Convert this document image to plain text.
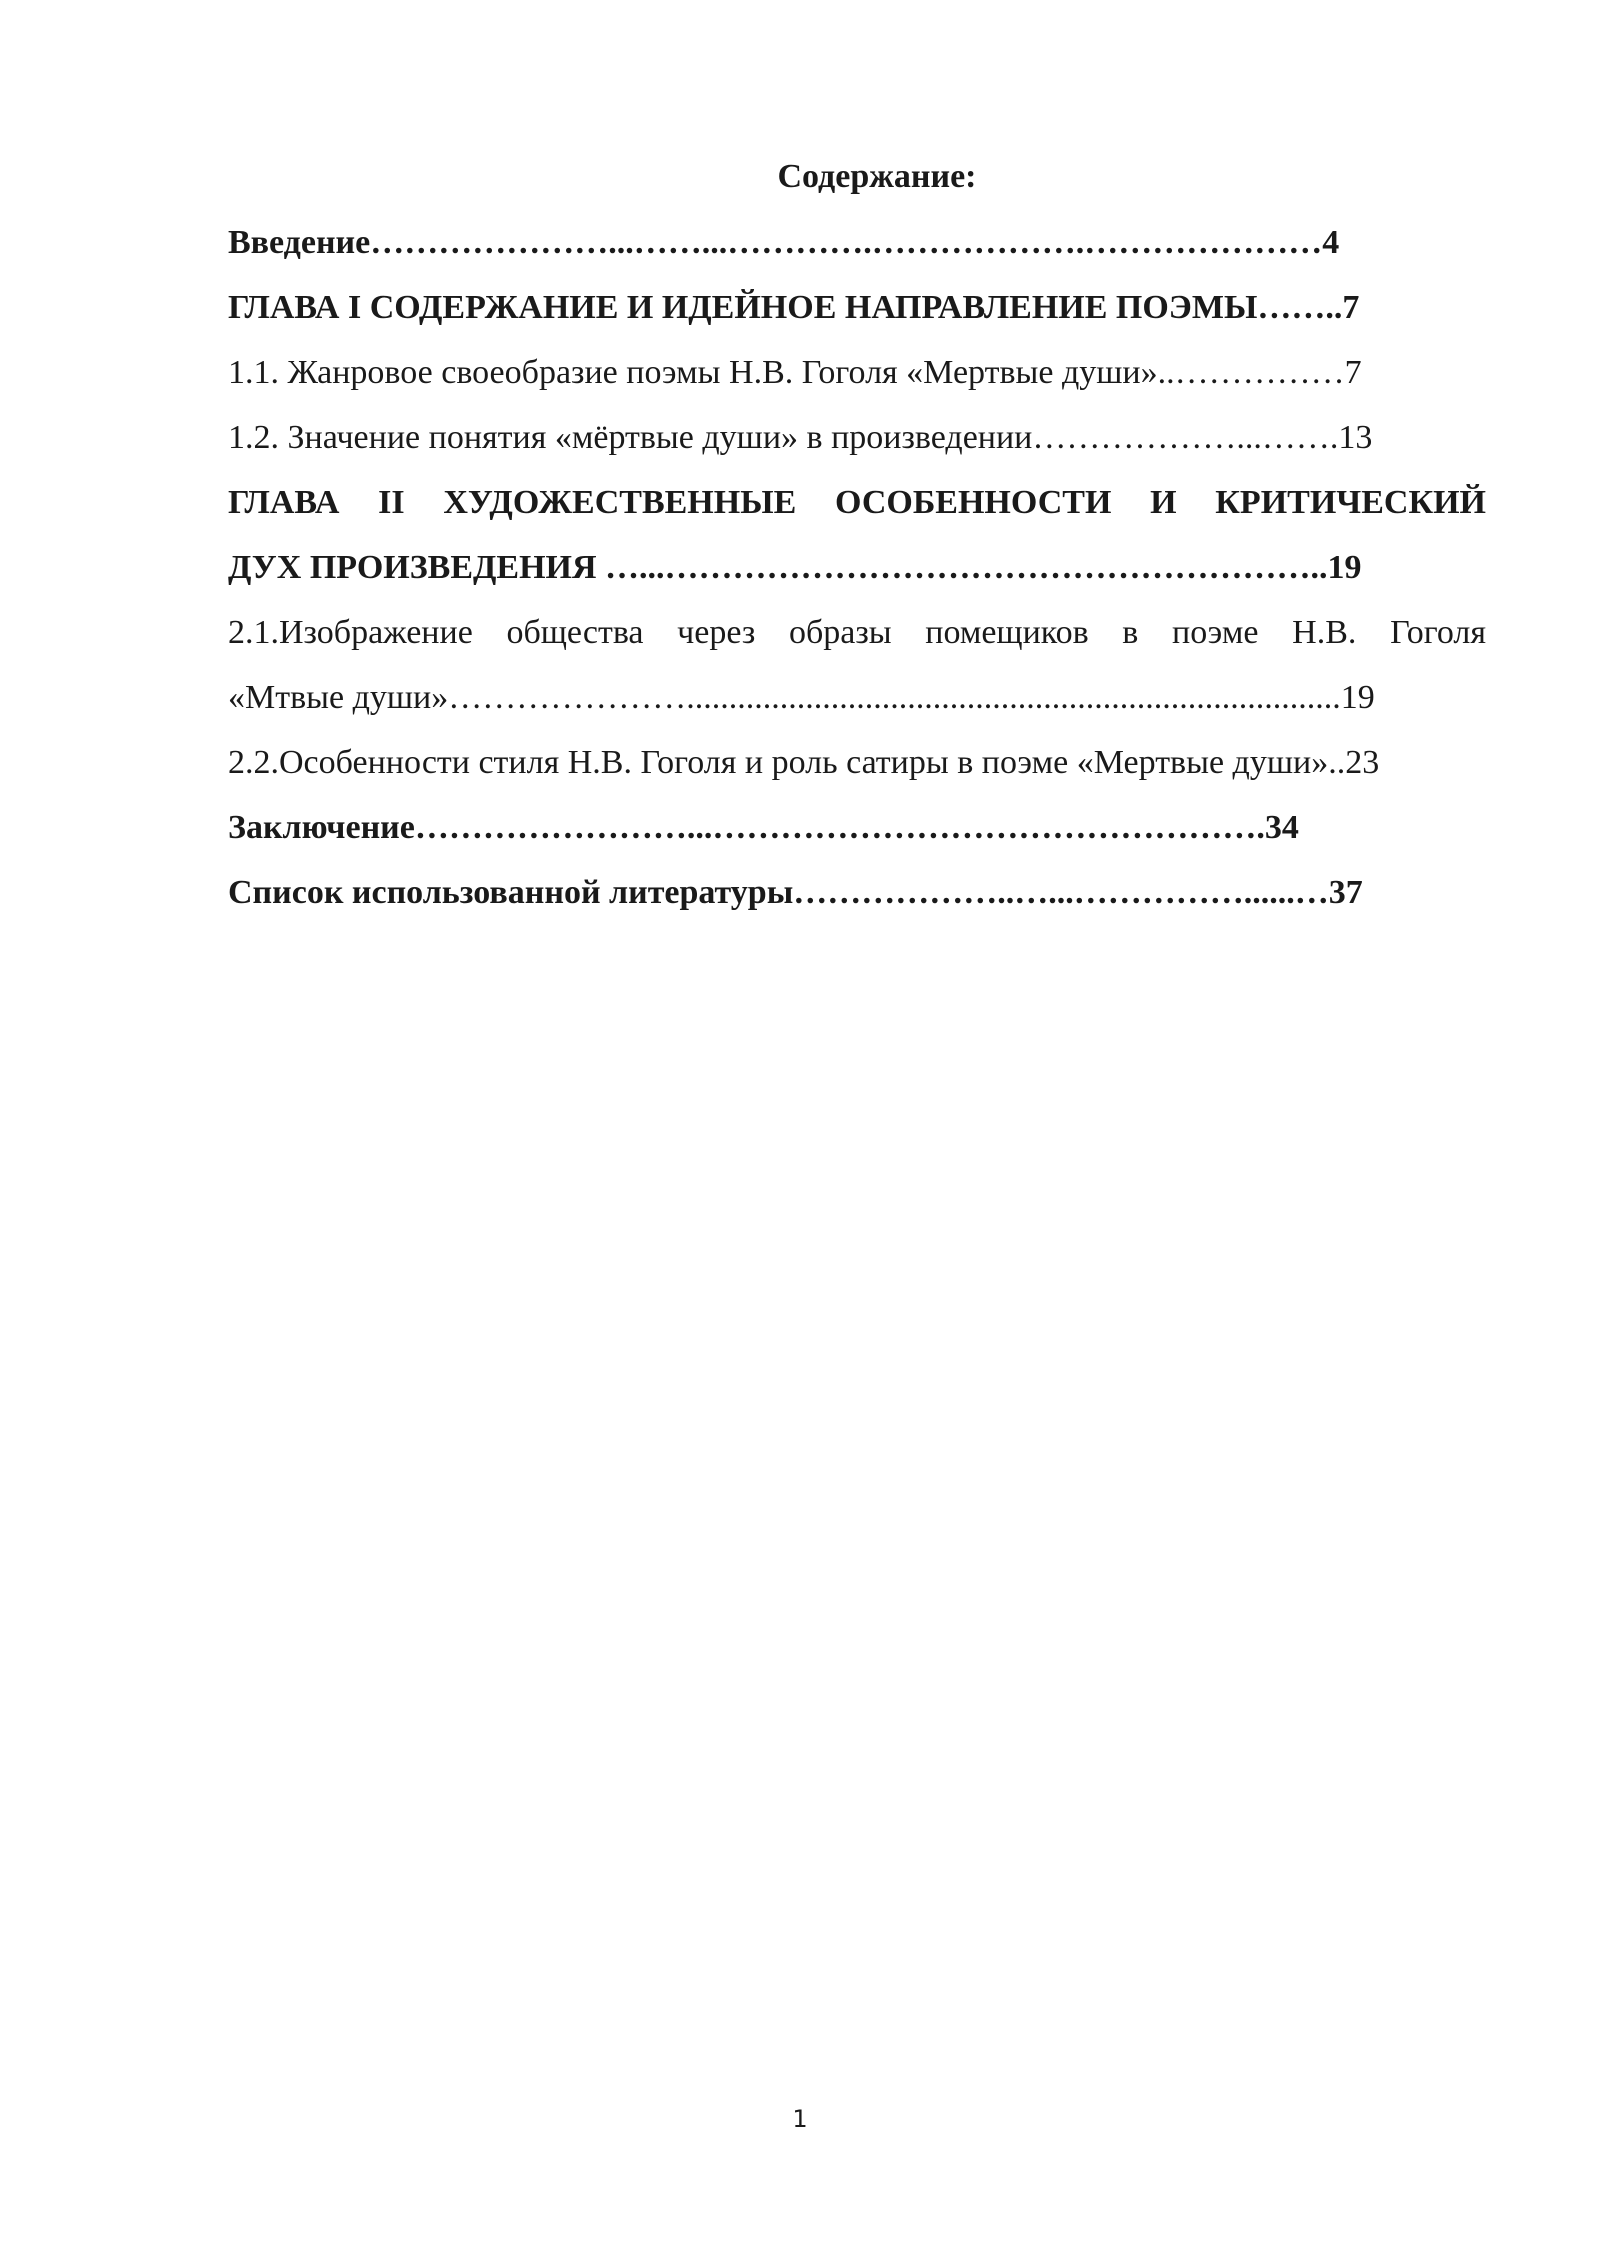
Содержание:
Введение…………………...……...………….……………….…………………4
ГЛАВА I СОДЕРЖАНИЕ И ИДЕЙНОЕ НАПРАВЛЕНИЕ ПОЭМЫ……..7
1.1. Жанровое своеобразие поэмы Н.В. Гоголя «Мертвые души»..……………7
1.2. Значение понятия «мёртвые души» в произведении………………...…….13
ГЛАВА II ХУДОЖЕСТВЕННЫЕ ОСОБЕННОСТИ И КРИТИЧЕСКИЙ
ДУХ ПРОИЗВЕДЕНИЯ …...…………………………………………………..19
2.1.Изображение общества через образы помещиков в поэме Н.В. Гоголя
«Мтвые души»………………….............................................................................19
2.2.Особенности стиля Н.В. Гоголя и роль сатиры в поэме «Мертвые души»..23
Заключение……………………...………………………………………….34
Список использованной литературы………………..…...……………......…37
1
